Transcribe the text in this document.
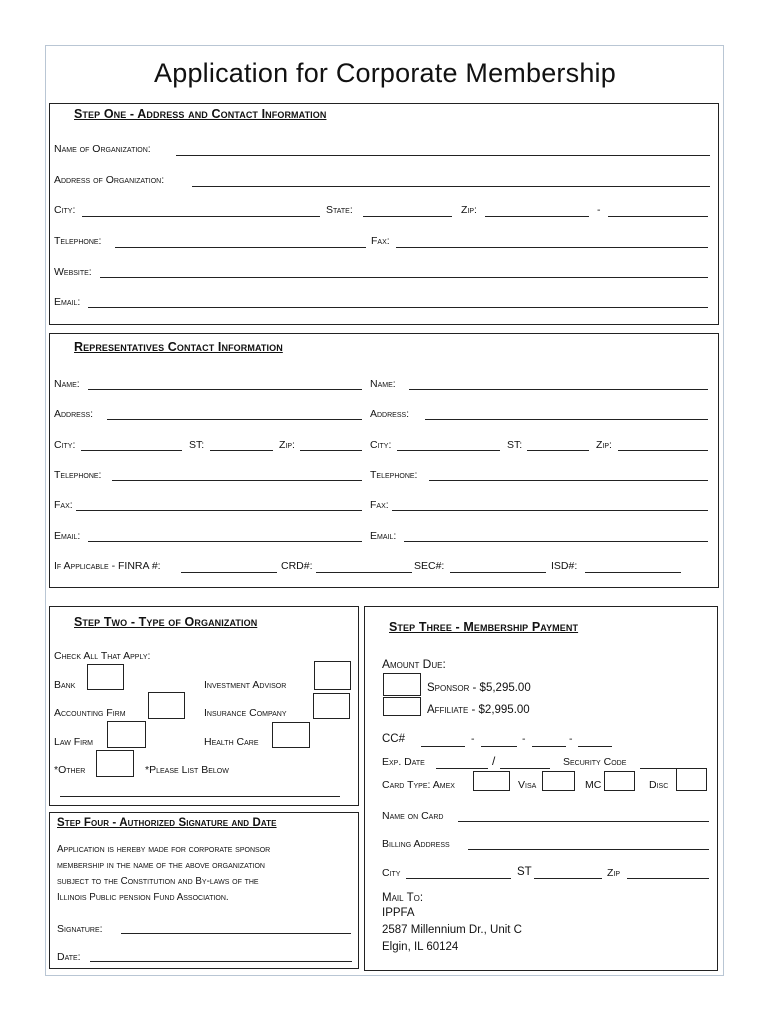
Application for Corporate Membership
Step One - Address and Contact Information
Name of Organization:
Address of Organization:
City:	State:	Zip:	-
Telephone:	Fax:
Website:
Email:
Representatives Contact Information
Name:	Name:
Address:	Address:
City:	ST:	Zip:	City:	ST:	Zip:
Telephone:	Telephone:
Fax:	Fax:
Email:	Email:
If Applicable - FINRA #:	CRD#:	SEC#:	ISD#:
Step Two - Type of Organization
Check All That Apply:
Bank	Investment Advisor
Accounting Firm	Insurance Company
Law Firm	Health Care
*Other	*Please List Below
Step Four - Authorized Signature and Date
Application is hereby made for corporate sponsor
membership in the name of the above organization
subject to the Constitution and By-laws of the
Illinois Public pension Fund Association.
Signature:
Date:
Step Three - Membership Payment
Amount Due:
Sponsor - $5,295.00
Affiliate - $2,995.00
CC#	-	-	-
Exp. Date	/	Security Code
Card Type: Amex	Visa	MC	Disc
Name on Card
Billing Address
City	ST	Zip
Mail To:
IPPFA
2587 Millennium Dr., Unit C
Elgin, IL 60124
